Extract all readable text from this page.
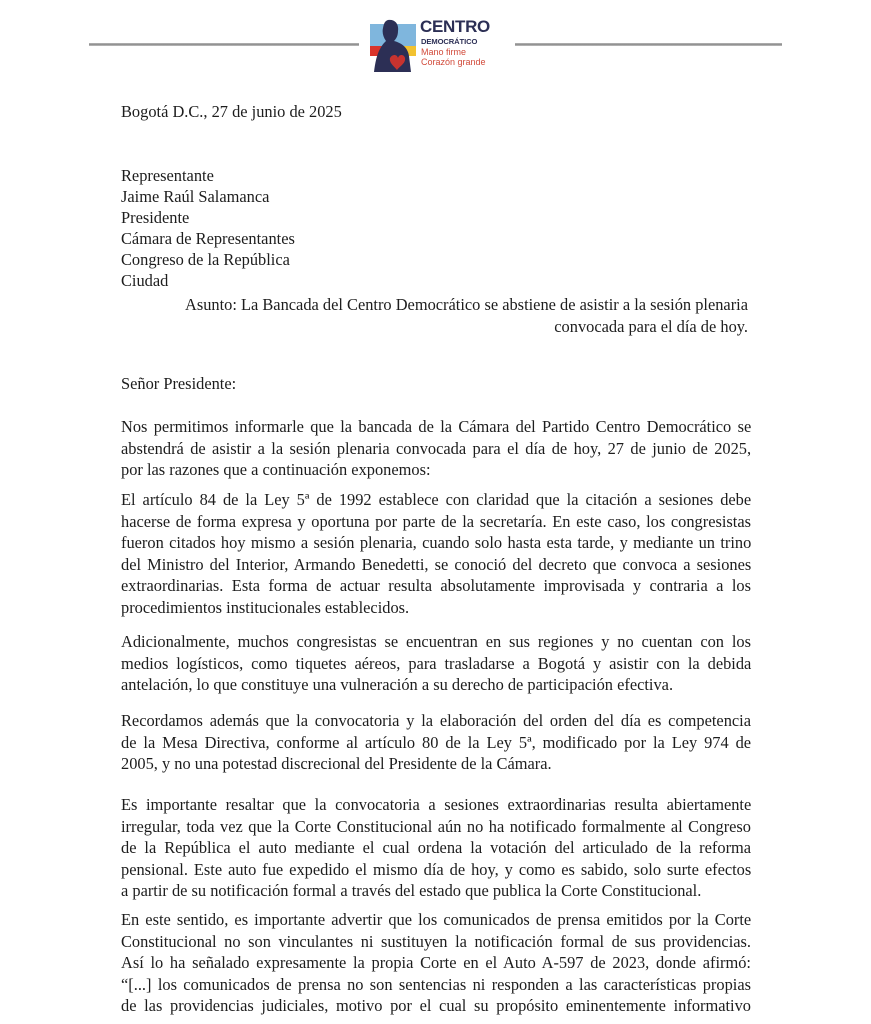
CENTRO
DEMOCRÁTICO
Mano firme
Corazón grande
Bogotá D.C., 27 de junio de 2025
Representante
Jaime Raúl Salamanca
Presidente
Cámara de Representantes
Congreso de la República
Ciudad
Asunto: La Bancada del Centro Democrático se abstiene de asistir a la sesión plenaria
convocada para el día de hoy.
Señor Presidente:
Nos permitimos informarle que la bancada de la Cámara del Partido Centro Democrático se
abstendrá de asistir a la sesión plenaria convocada para el día de hoy, 27 de junio de 2025,
por las razones que a continuación exponemos:
El artículo 84 de la Ley 5ª de 1992 establece con claridad que la citación a sesiones debe
hacerse de forma expresa y oportuna por parte de la secretaría. En este caso, los congresistas
fueron citados hoy mismo a sesión plenaria, cuando solo hasta esta tarde, y mediante un trino
del Ministro del Interior, Armando Benedetti, se conoció del decreto que convoca a sesiones
extraordinarias. Esta forma de actuar resulta absolutamente improvisada y contraria a los
procedimientos institucionales establecidos.
Adicionalmente, muchos congresistas se encuentran en sus regiones y no cuentan con los
medios logísticos, como tiquetes aéreos, para trasladarse a Bogotá y asistir con la debida
antelación, lo que constituye una vulneración a su derecho de participación efectiva.
Recordamos además que la convocatoria y la elaboración del orden del día es competencia
de la Mesa Directiva, conforme al artículo 80 de la Ley 5ª, modificado por la Ley 974 de
2005, y no una potestad discrecional del Presidente de la Cámara.
Es importante resaltar que la convocatoria a sesiones extraordinarias resulta abiertamente
irregular, toda vez que la Corte Constitucional aún no ha notificado formalmente al Congreso
de la República el auto mediante el cual ordena la votación del articulado de la reforma
pensional. Este auto fue expedido el mismo día de hoy, y como es sabido, solo surte efectos
a partir de su notificación formal a través del estado que publica la Corte Constitucional.
En este sentido, es importante advertir que los comunicados de prensa emitidos por la Corte
Constitucional no son vinculantes ni sustituyen la notificación formal de sus providencias.
Así lo ha señalado expresamente la propia Corte en el Auto A-597 de 2023, donde afirmó:
“[...] los comunicados de prensa no son sentencias ni responden a las características propias
de las providencias judiciales, motivo por el cual su propósito eminentemente informativo
